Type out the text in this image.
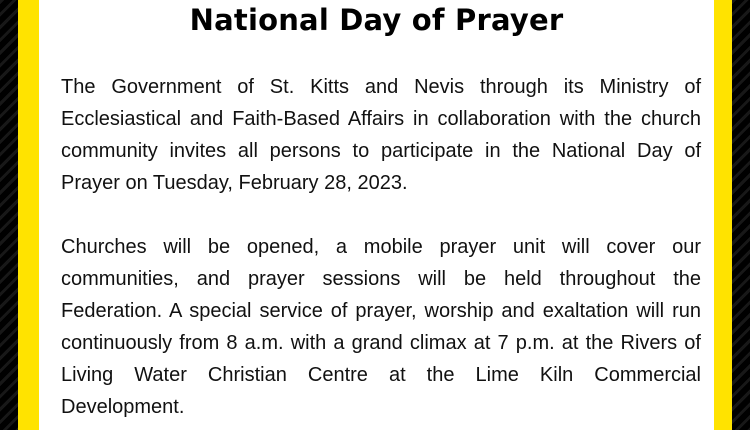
National Day of Prayer

The Government of St. Kitts and Nevis through its Ministry of Ecclesiastical and Faith-Based Affairs in collaboration with the church community invites all persons to participate in the National Day of Prayer on Tuesday, February 28, 2023.

Churches will be opened, a mobile prayer unit will cover our communities, and prayer sessions will be held throughout the Federation. A special service of prayer, worship and exaltation will run continuously from 8 a.m. with a grand climax at 7 p.m. at the Rivers of Living Water Christian Centre at the Lime Kiln Commercial Development.
